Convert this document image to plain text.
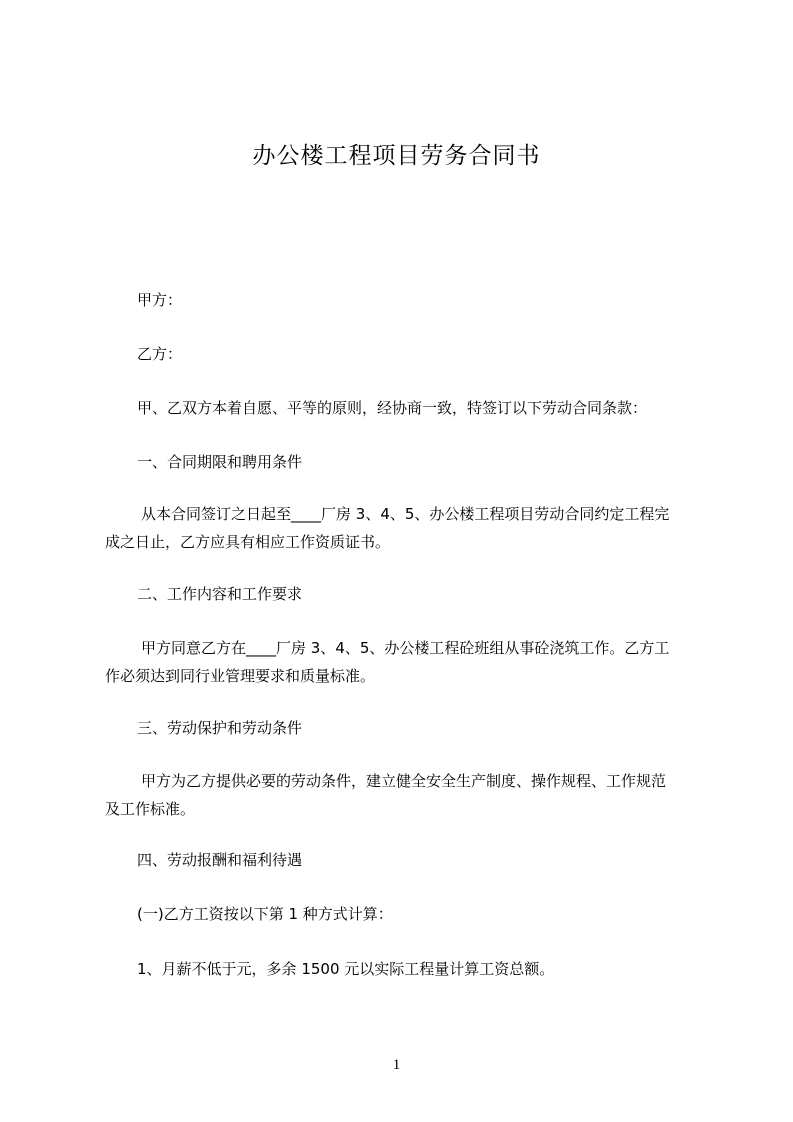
办公楼工程项目劳务合同书
甲方：
乙方：
甲、乙双方本着自愿、平等的原则，经协商一致，特签订以下劳动合同条款：
一、合同期限和聘用条件
从本合同签订之日起至____厂房 3、4、5、办公楼工程项目劳动合同约定工程完
成之日止，乙方应具有相应工作资质证书。
二、工作内容和工作要求
甲方同意乙方在____厂房 3、4、5、办公楼工程砼班组从事砼浇筑工作。乙方工
作必须达到同行业管理要求和质量标准。
三、劳动保护和劳动条件
甲方为乙方提供必要的劳动条件，建立健全安全生产制度、操作规程、工作规范
及工作标准。
四、劳动报酬和福利待遇
(一)乙方工资按以下第 1 种方式计算：
1、月薪不低于元，多余 1500 元以实际工程量计算工资总额。
1
